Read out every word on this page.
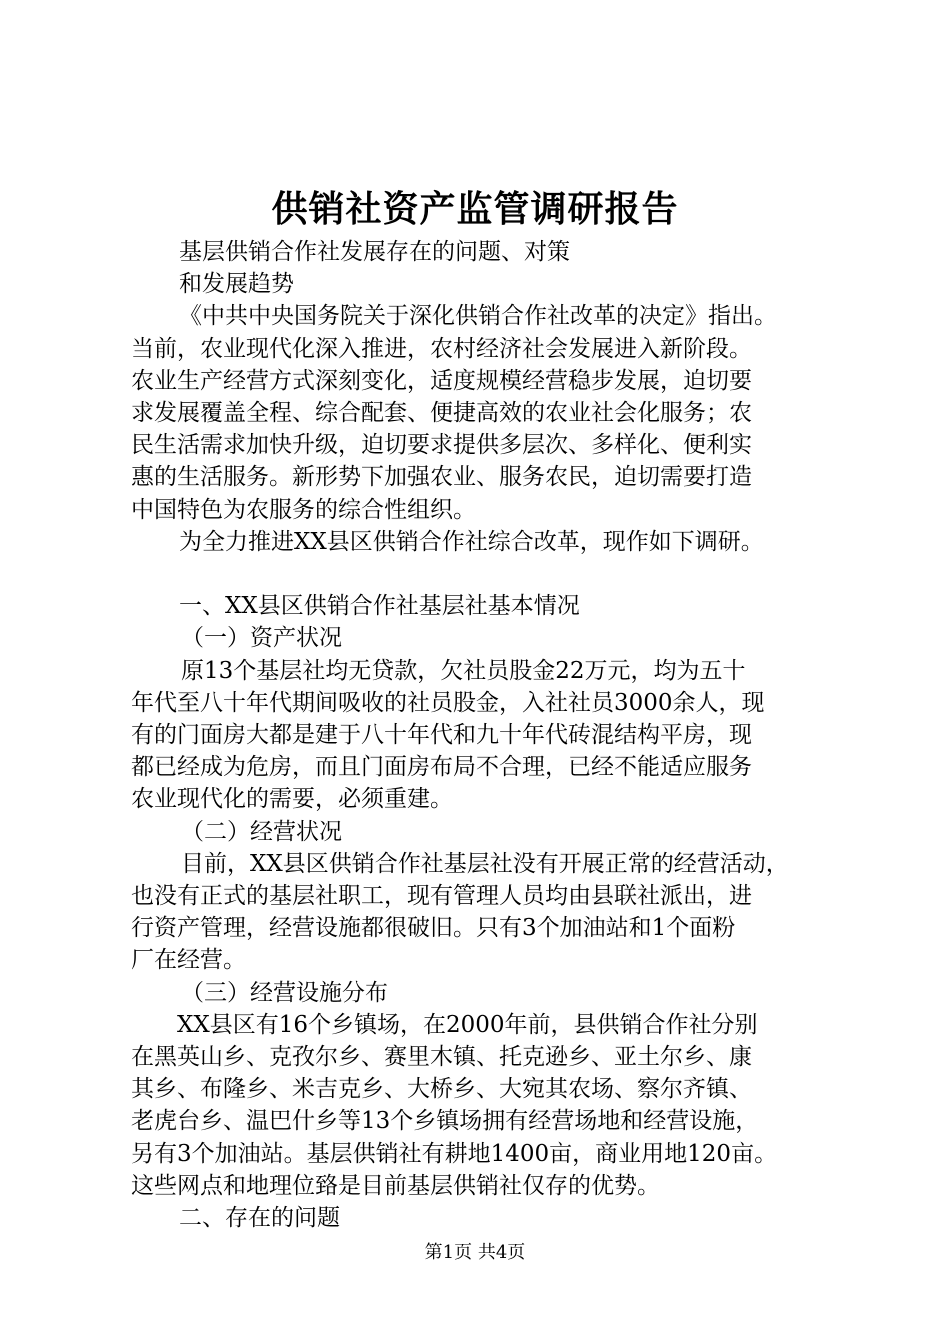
供销社资产监管调研报告
基层供销合作社发展存在的问题、对策
和发展趋势
《中共中央国务院关于深化供销合作社改革的决定》指出。
当前，农业现代化深入推进，农村经济社会发展进入新阶段。
农业生产经营方式深刻变化，适度规模经营稳步发展，迫切要
求发展覆盖全程、综合配套、便捷高效的农业社会化服务；农
民生活需求加快升级，迫切要求提供多层次、多样化、便利实
惠的生活服务。新形势下加强农业、服务农民，迫切需要打造
中国特色为农服务的综合性组织。
为全力推进XX县区供销合作社综合改革，现作如下调研。
一、XX县区供销合作社基层社基本情况
（一）资产状况
原13个基层社均无贷款，欠社员股金22万元，均为五十
年代至八十年代期间吸收的社员股金，入社社员3000余人，现
有的门面房大都是建于八十年代和九十年代砖混结构平房，现
都已经成为危房，而且门面房布局不合理，已经不能适应服务
农业现代化的需要，必须重建。
（二）经营状况
目前，XX县区供销合作社基层社没有开展正常的经营活动，
也没有正式的基层社职工，现有管理人员均由县联社派出，进
行资产管理，经营设施都很破旧。只有3个加油站和1个面粉
厂在经营。
（三）经营设施分布
XX县区有16个乡镇场，在2000年前，县供销合作社分别
在黑英山乡、克孜尔乡、赛里木镇、托克逊乡、亚土尔乡、康
其乡、布隆乡、米吉克乡、大桥乡、大宛其农场、察尔齐镇、
老虎台乡、温巴什乡等13个乡镇场拥有经营场地和经营设施，
另有3个加油站。基层供销社有耕地1400亩，商业用地120亩。
这些网点和地理位臵是目前基层供销社仅存的优势。
二、存在的问题
第1页 共4页
